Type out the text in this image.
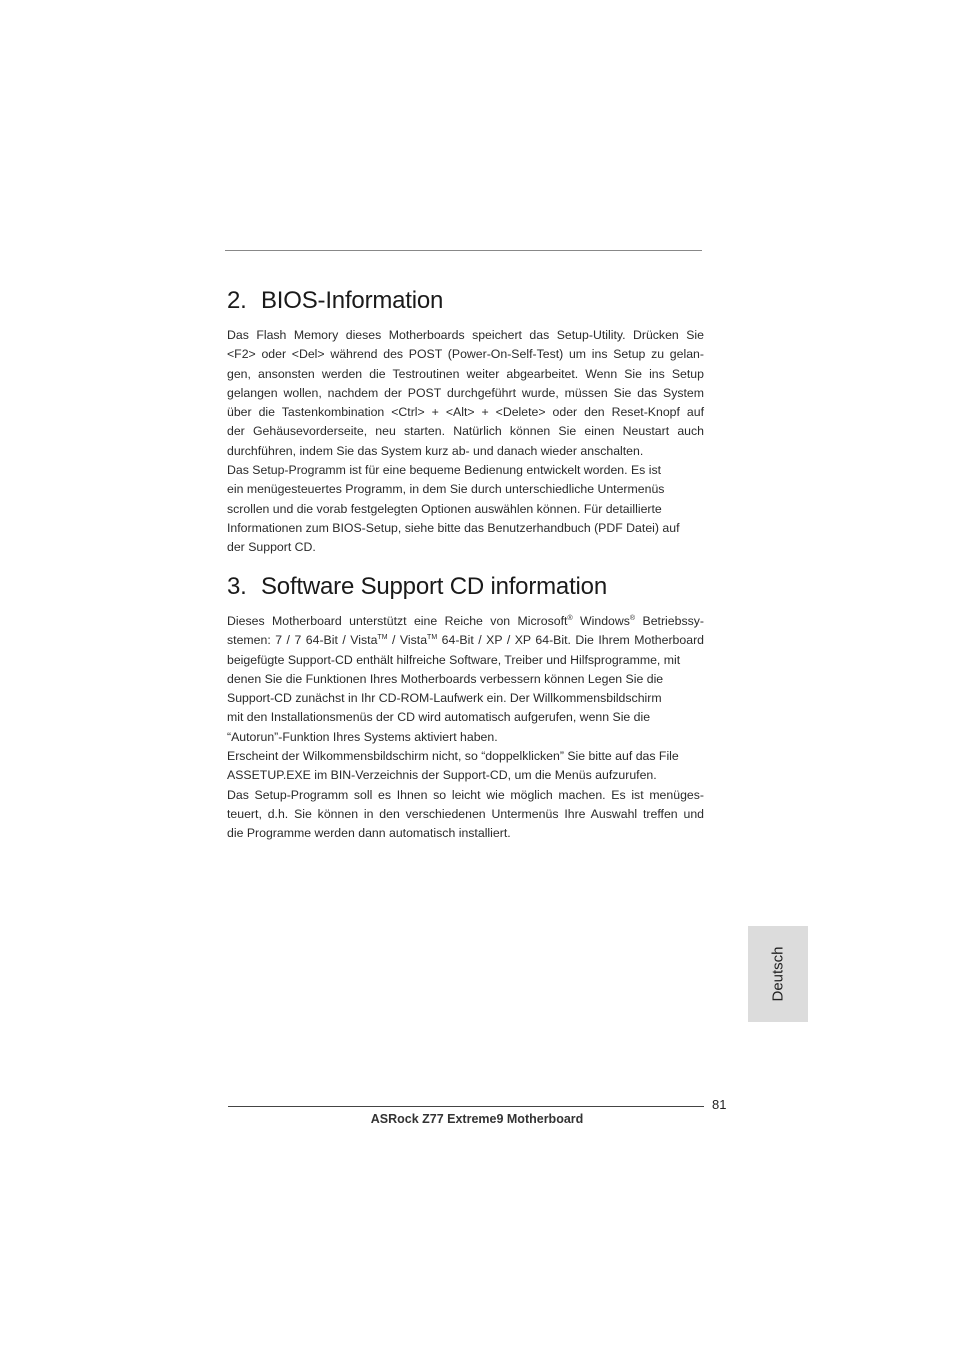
2. BIOS-Information

Das Flash Memory dieses Motherboards speichert das Setup-Utility. Drücken Sie

<F2> oder <Del> während des POST (Power-On-Self-Test) um ins Setup zu gelan-

gen, ansonsten werden die Testroutinen weiter abgearbeitet. Wenn Sie ins Setup

gelangen wollen, nachdem der POST durchgeführt wurde, müssen Sie das System

über die Tastenkombination <Ctrl> + <Alt> + <Delete> oder den Reset-Knopf auf

der Gehäusevorderseite, neu starten. Natürlich können Sie einen Neustart auch

durchführen, indem Sie das System kurz ab- und danach wieder anschalten.

Das Setup-Programm ist für eine bequeme Bedienung entwickelt worden. Es ist

ein menügesteuertes Programm, in dem Sie durch unterschiedliche Untermenüs

scrollen und die vorab festgelegten Optionen auswählen können. Für detaillierte

Informationen zum BIOS-Setup, siehe bitte das Benutzerhandbuch (PDF Datei) auf

der Support CD.

3. Software Support CD information

Dieses Motherboard unterstützt eine Reiche von Microsoft® Windows® Betriebssy-

stemen: 7 / 7 64-Bit / Vista™ / Vista™ 64-Bit / XP / XP 64-Bit. Die Ihrem Motherboard

beigefügte Support-CD enthält hilfreiche Software, Treiber und Hilfsprogramme, mit

denen Sie die Funktionen Ihres Motherboards verbessern können Legen Sie die

Support-CD zunächst in Ihr CD-ROM-Laufwerk ein. Der Willkommensbildschirm

mit den Installationsmenüs der CD wird automatisch aufgerufen, wenn Sie die

“Autorun”-Funktion Ihres Systems aktiviert haben.

Erscheint der Wilkommensbildschirm nicht, so “doppelklicken” Sie bitte auf das File

ASSETUP.EXE im BIN-Verzeichnis der Support-CD, um die Menüs aufzurufen.

Das Setup-Programm soll es Ihnen so leicht wie möglich machen. Es ist menüges-

teuert, d.h. Sie können in den verschiedenen Untermenüs Ihre Auswahl treffen und

die Programme werden dann automatisch installiert.

Deutsch
81
ASRock Z77 Extreme9 Motherboard
